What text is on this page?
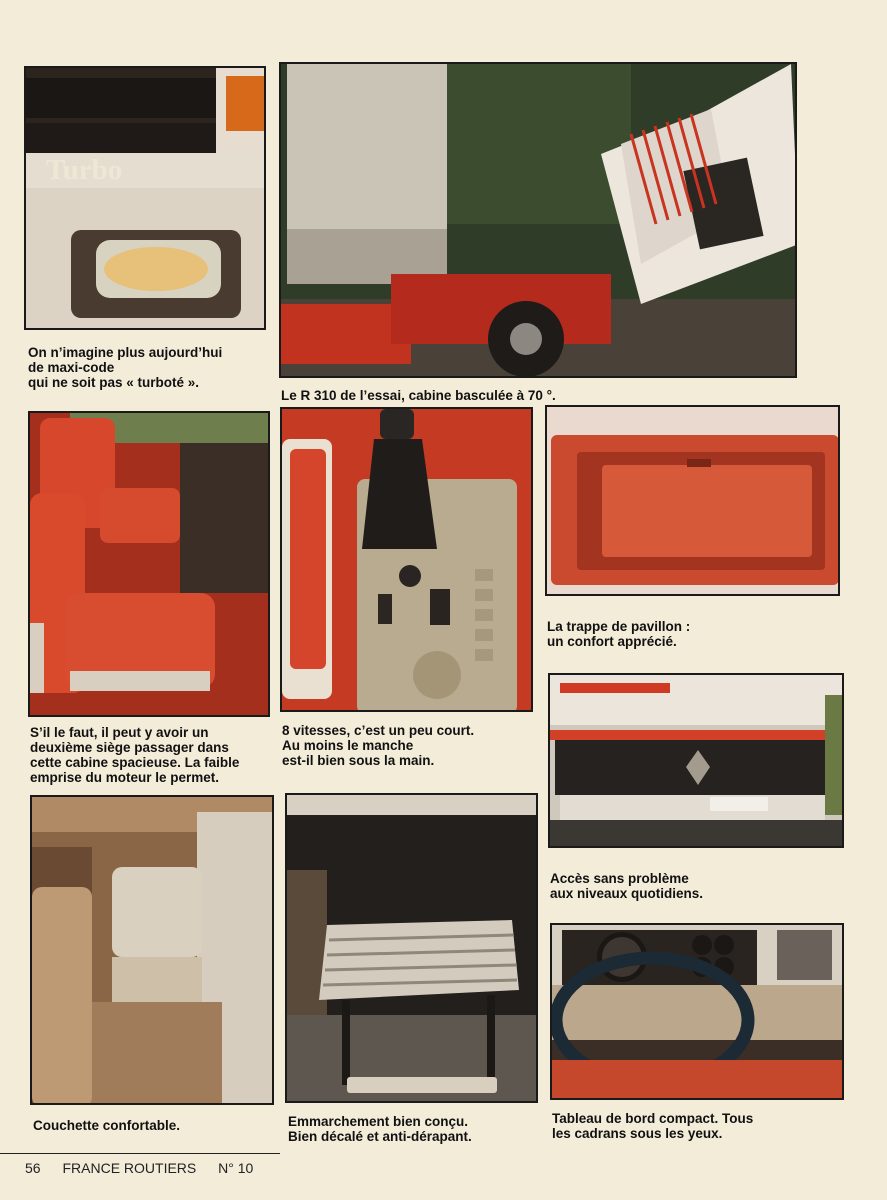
Turbo
On n’imagine plus aujourd’hui
de maxi-code
qui ne soit pas « turboté ».
Le R 310 de l’essai, cabine basculée à 70 °.
S’il le faut, il peut y avoir un
deuxième siège passager dans
cette cabine spacieuse. La faible
emprise du moteur le permet.
8 vitesses, c’est un peu court.
Au moins le manche
est-il bien sous la main.
La trappe de pavillon :
un confort apprécié.
Accès sans problème
aux niveaux quotidiens.
Couchette confortable.	Emmarchement bien conçu.
Bien décalé et anti-dérapant.
Tableau de bord compact. Tous
les cadrans sous les yeux.
56 FRANCE ROUTIERS N° 10
